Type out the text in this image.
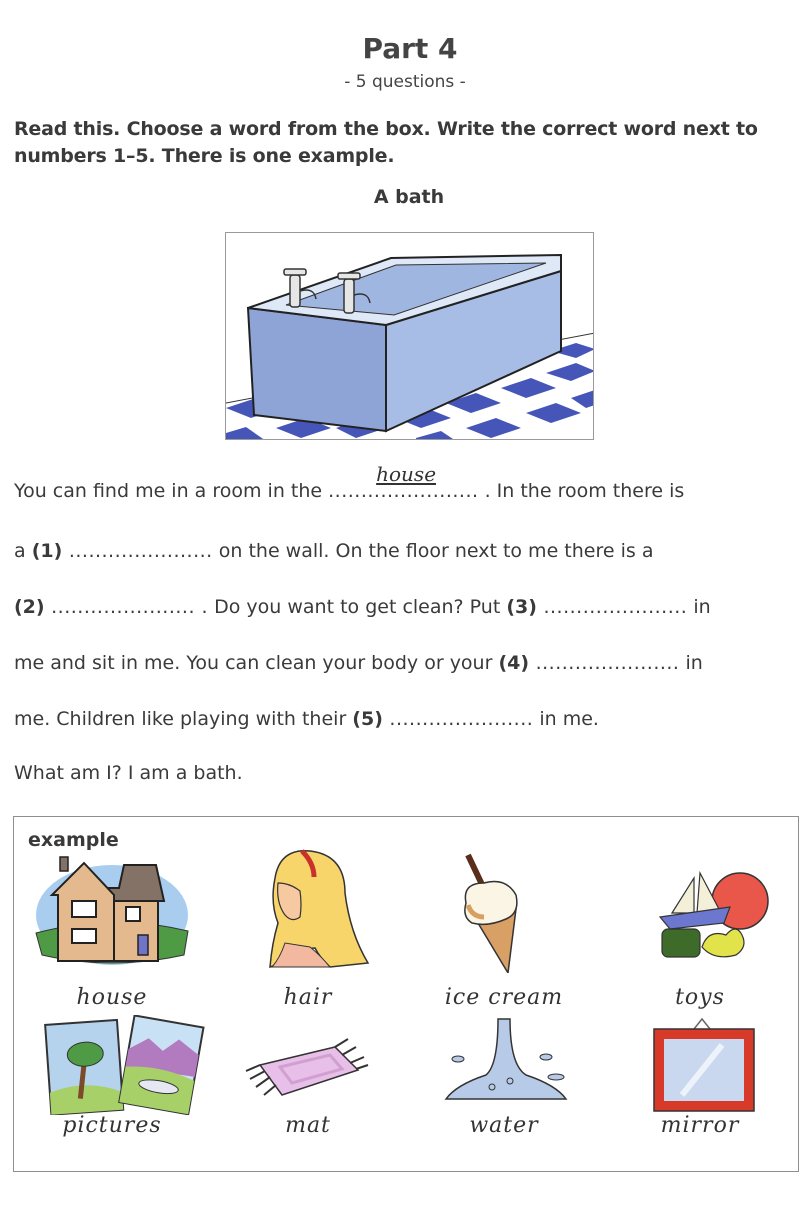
Part 4
- 5 questions -
Read this. Choose a word from the box. Write the correct word next to numbers 1–5. There is one example.
A bath
You can find me in a room in the .......................
house
. In the room there is
a (1) ...................... on the wall. On the floor next to me there is a
(2) ...................... . Do you want to get clean? Put (3) ...................... in
me and sit in me. You can clean your body or your (4) ...................... in
me. Children like playing with their (5) ...................... in me.
What am I? I am a bath.
example
house	hair	ice cream	toys
pictures	mat	water	mirror
